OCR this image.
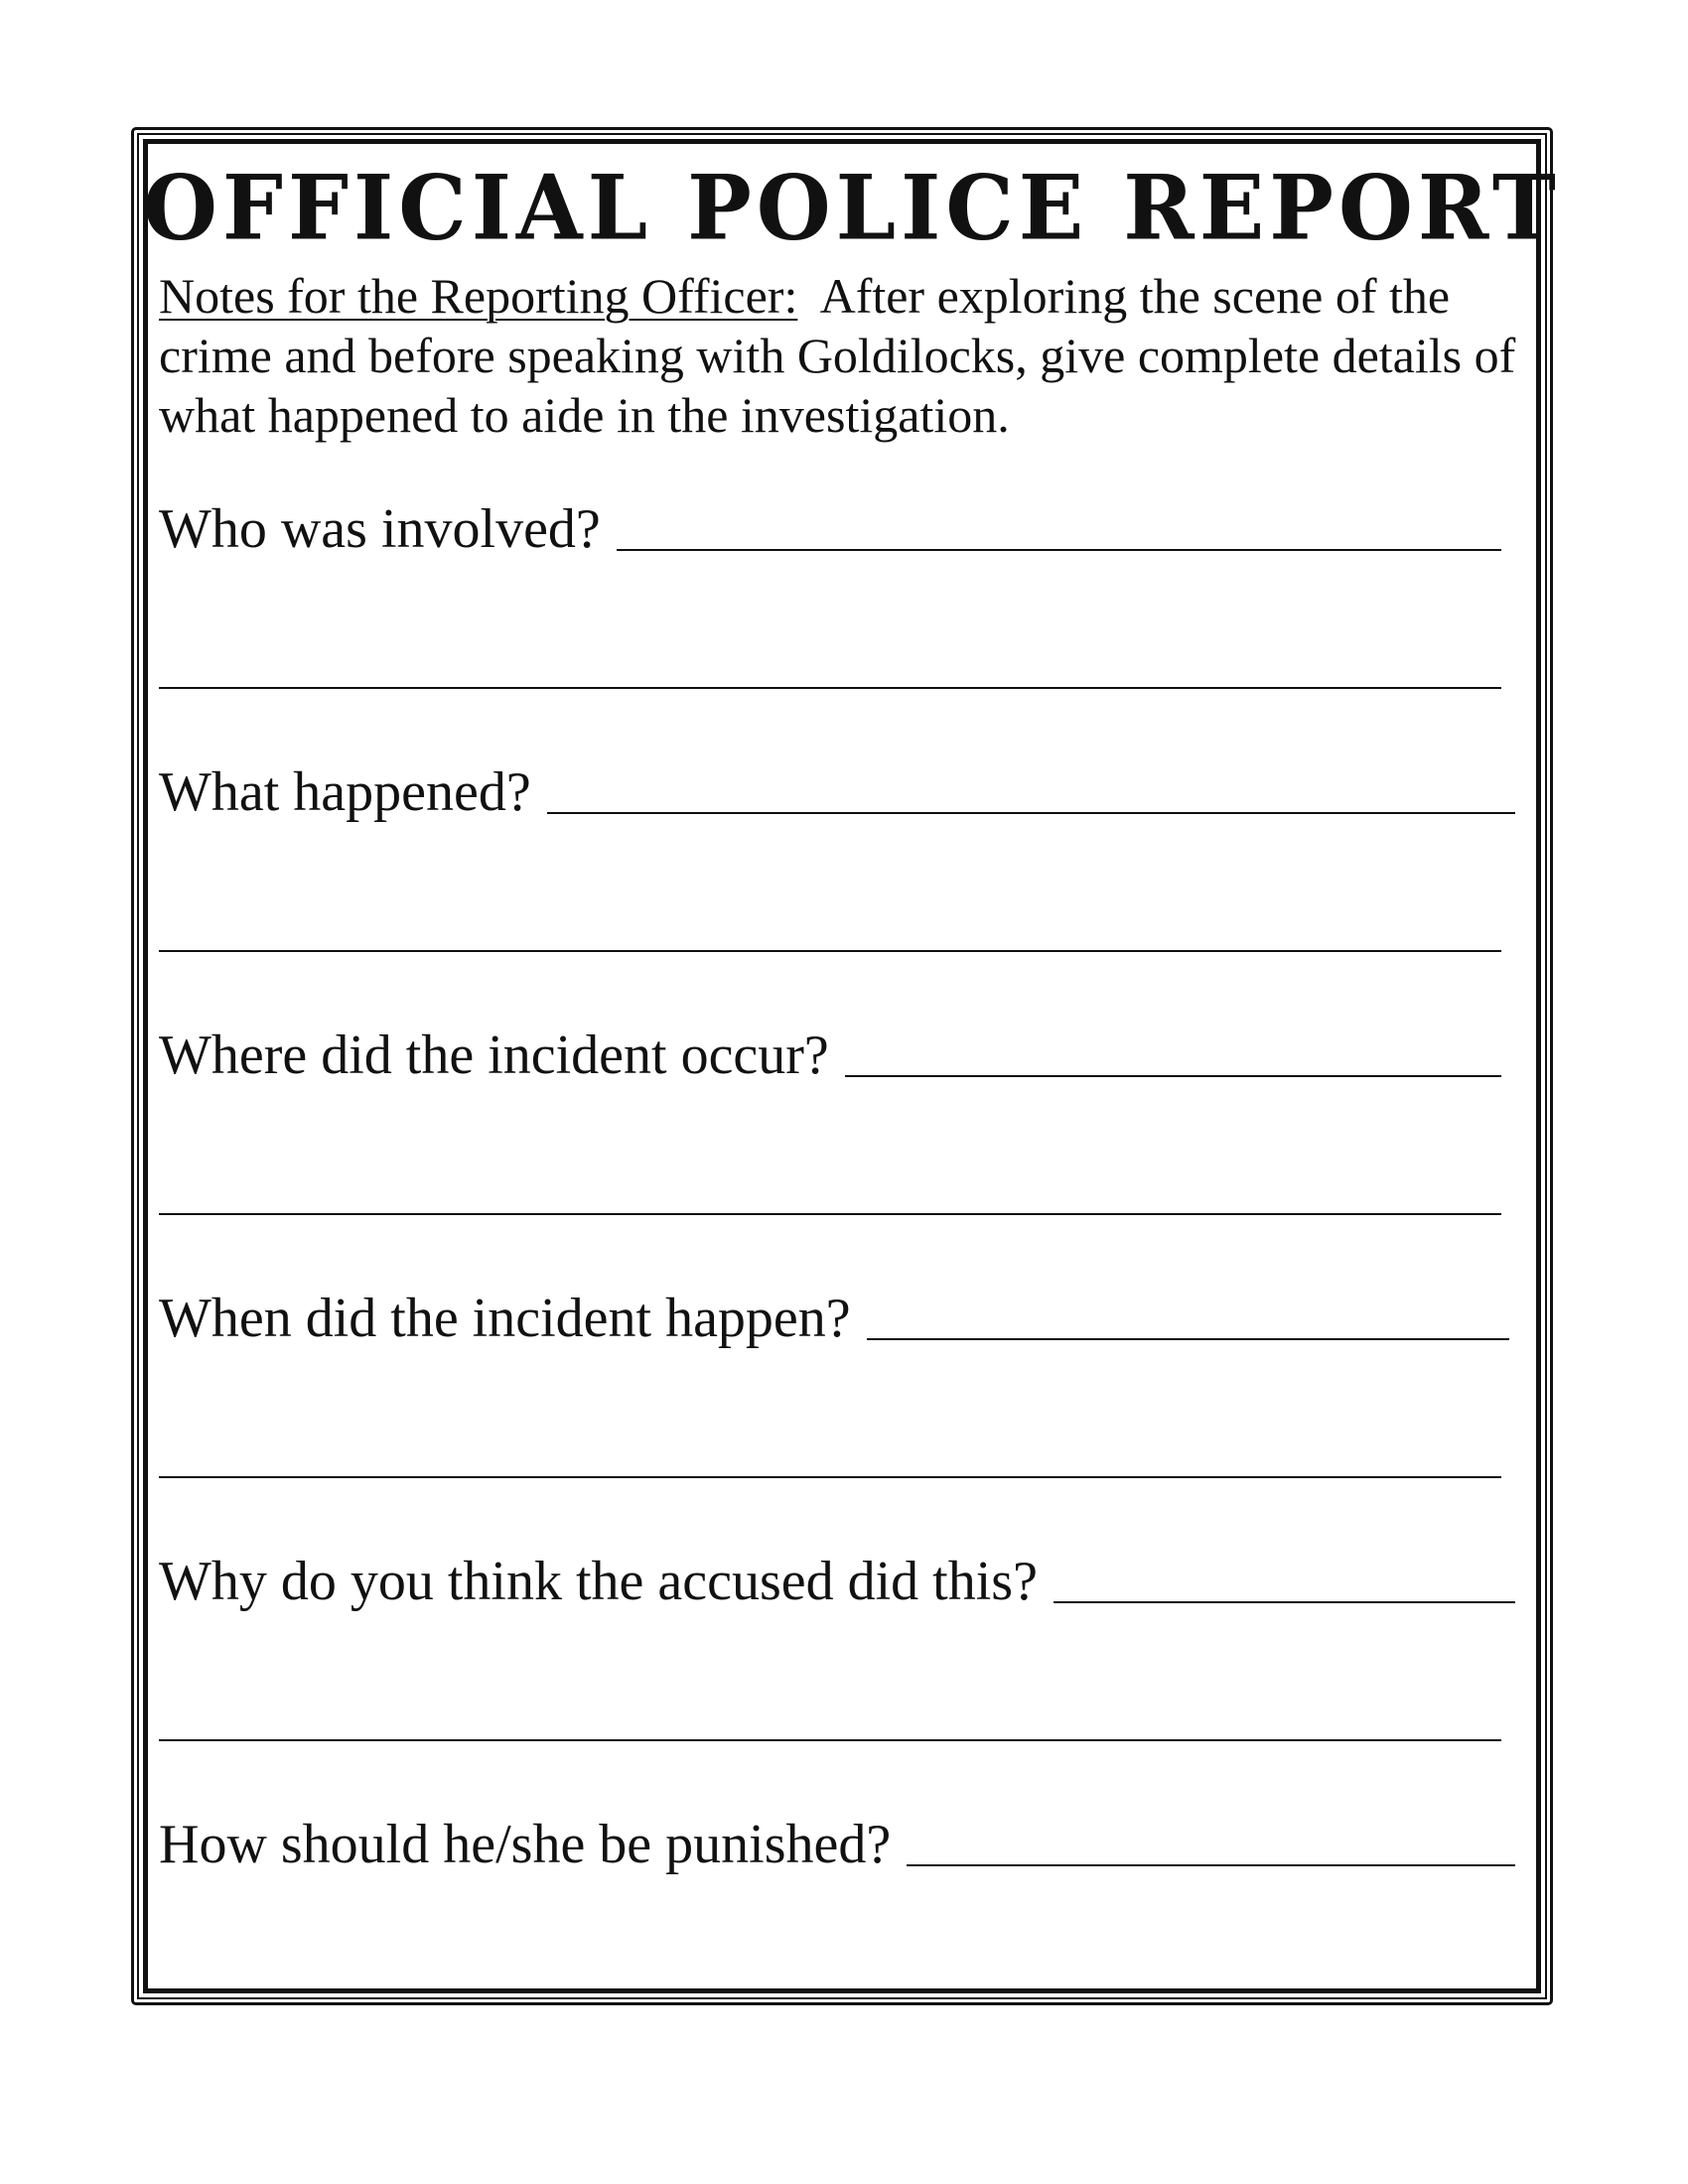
OFFICIAL POLICE REPORT
Notes for the Reporting Officer: After exploring the scene of the crime and before speaking with Goldilocks, give complete details of what happened to aide in the investigation.
Who was involved?
What happened?
Where did the incident occur?
When did the incident happen?
Why do you think the accused did this?
How should he/she be punished?
